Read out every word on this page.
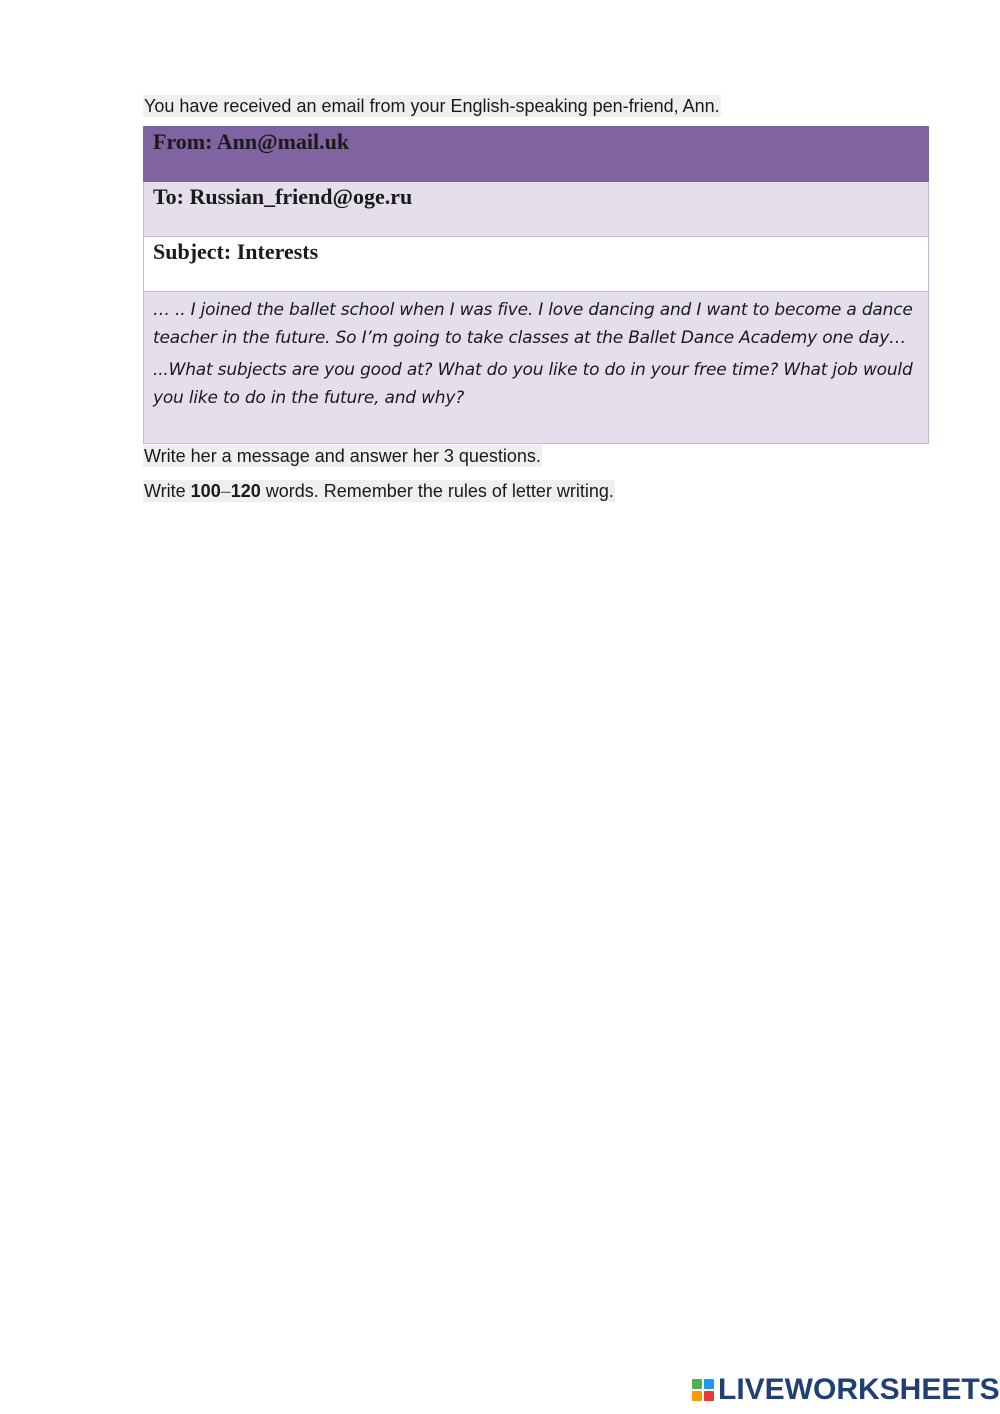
You have received an email from your English-speaking pen-friend, Ann.
From: Ann@mail.uk
To: Russian_friend@oge.ru
Subject: Interests

… .. I joined the ballet school when I was five. I love dancing and I want to become a dance teacher in the future. So I’m going to take classes at the Ballet Dance Academy one day…

...What subjects are you good at? What do you like to do in your free time? What job would you like to do in the future, and why?

Write her a message and answer her 3 questions.
Write 100–120 words. Remember the rules of letter writing.
LIVEWORKSHEETS
